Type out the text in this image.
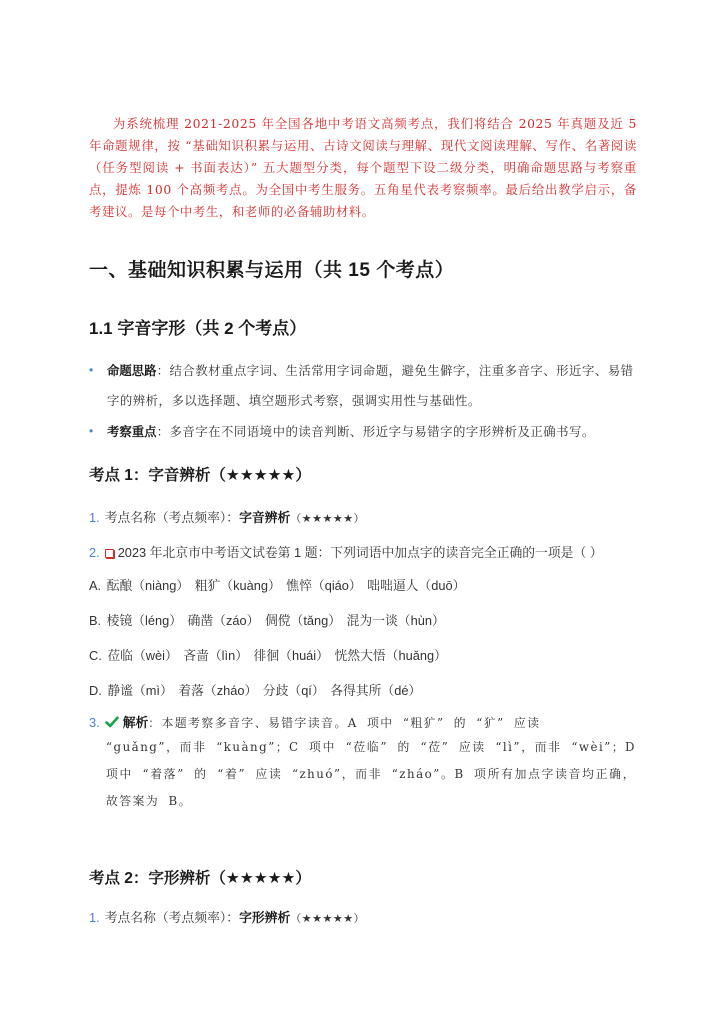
为系统梳理 2021-2025 年全国各地中考语文高频考点，我们将结合 2025 年真题及近 5 年命题规律，按 “基础知识积累与运用、古诗文阅读与理解、现代文阅读理解、写作、名著阅读（任务型阅读 + 书面表达）” 五大题型分类，每个题型下设二级分类，明确命题思路与考察重点，提炼 100 个高频考点。为全国中考生服务。五角星代表考察频率。最后给出教学启示，备考建议。是每个中考生，和老师的必备辅助材料。
一、基础知识积累与运用（共 15 个考点）
1.1 字音字形（共 2 个考点）
• 命题思路：结合教材重点字词、生活常用字词命题，避免生僻字，注重多音字、形近字、易错字的辨析，多以选择题、填空题形式考察，强调实用性与基础性。
• 考察重点：多音字在不同语境中的读音判断、形近字与易错字的字形辨析及正确书写。
考点 1：字音辨析（★★★★★）
1. 考点名称（考点频率）：字音辨析（★★★★★）
2. 2023 年北京市中考语文试卷第 1 题：下列词语中加点字的读音完全正确的一项是（ ）
A. 酝酿（niàng） 粗犷（kuàng） 憔悴（qiáo） 咄咄逼人（duō）
B. 棱镜（léng） 确凿（záo） 倜傥（tǎng） 混为一谈（hùn）
C. 莅临（wèi） 吝啬（lìn） 徘徊（huái） 恍然大悟（huǎng）
D. 静谧（mì） 着落（zháo） 分歧（qí） 各得其所（dé）
3. 解析：本题考察多音字、易错字读音。A 项中 “粗犷” 的 “犷” 应读
“guǎng”，而非 “kuàng”；C 项中 “莅临” 的 “莅” 应读 “lì”，而非 “wèi”；D 项中 “着落” 的 “着” 应读 “zhuó”，而非 “zháo”。B 项所有加点字读音均正确，故答案为 B。
考点 2：字形辨析（★★★★★）
1. 考点名称（考点频率）：字形辨析（★★★★★）
